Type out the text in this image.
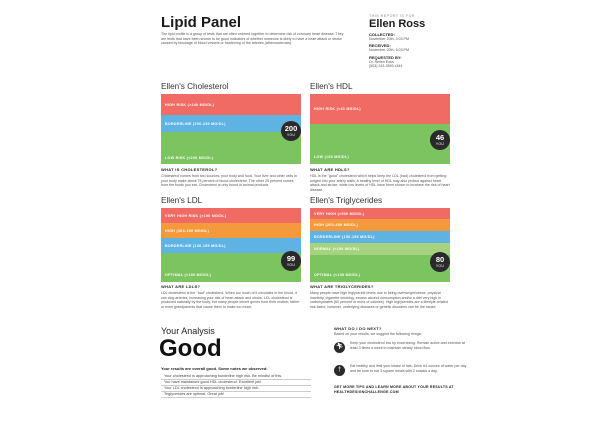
Lipid Panel
The lipid profile is a group of tests that are often ordered together to determine risk of coronary heart disease. They are tests that have been shown to be good indicators of whether someone is likely to have a heart attack or stroke caused by blockage of blood vessels or hardening of the arteries (atherosclerosis).
THIS REPORT IS FOR
Ellen Ross
COLLECTED:
November 20th, 3:03 PM
RECEIVED:
November 20th, 6:03 PM
REQUESTED BY:
Dr. Rellen Eoss
(503) 243-3593 x344
Ellen's Cholesterol
HIGH RISK (>240 MG/DL)
BORDERLINE (200-239 MG/DL)
LOW RISK (<200 MG/DL)
200
YOU
WHAT IS CHOLESTEROL?
Cholesterol comes from two sources: your body and food. Your liver and other cells in your body make about 75 percent of blood cholesterol. The other 25 percent comes from the foods you eat. Cholesterol is only found in animal products.
Ellen's HDL
HIGH RISK (<40 MG/DL)
LOW (<60 MG/DL)
46
YOU
WHAT ARE HDLS?
HDL is the "good" cholesterol which helps keep the LDL (bad) cholesterol from getting lodged into your artery walls. A healthy level of HDL may also protect against heart attack and stroke, while low levels of HDL have been shown to increase the risk of heart disease.
Ellen's LDL
VERY HIGH RISK (>190 MG/DL)
HIGH (160-189 MG/DL)
BORDERLINE (130-159 MG/DL)
OPTIMAL (<100 MG/DL)
99
YOU
WHAT ARE LDLS?
LDL cholesterol is the "bad" cholesterol. When too much of it circulates in the blood, it can clog arteries, increasing your risk of heart attack and stroke. LDL cholesterol is produced naturally by the body, but many people inherit genes from their mother, father or even grandparents that cause them to make too much.
Ellen's Triglycerides
VERY HIGH (>500 MG/DL)
HIGH (200-499 MG/DL)
BORDERLINE (150-199 MG/DL)
NORMAL (<150 MG/DL)
OPTIMAL (<100 MG/DL)
80
YOU
WHAT ARE TRIGLYCERIDES?
Many people have high triglyceride levels due to being overweight/obese, physical inactivity, cigarette smoking, excess alcohol consumption and/or a diet very high in carbohydrates (60 percent or more of calories). High triglycerides are a lifestyle-related risk factor, however, underlying diseases or genetic disorders can be the cause.
Your Analysis
Good
Your results are overall good. Some notes we observed:
Your cholesterol is approaching borderline high risk. Be mindful of this.
You have maintained good HDL cholesterol. Excellent job!
Your LDL cholesterol is approaching borderline high risk.
Triglycerides are optimal. Great job!
WHAT DO I DO NEXT?
Based on your results, we suggest the following things:
🏃︎
Keep your cholesterol low by excercising. Remain active and exercise at least 3 times a week to maintain steady blood flow.
†
Eat healthy and limit your intake of fats. Drink 64 ounces of water per day and be sure to eat 3 square meals with 2 snacks a day.
GET MORE TIPS AND LEARN MORE ABOUT YOUR RESULTS AT HEALTHDESIGNCHALLENGE.COM
